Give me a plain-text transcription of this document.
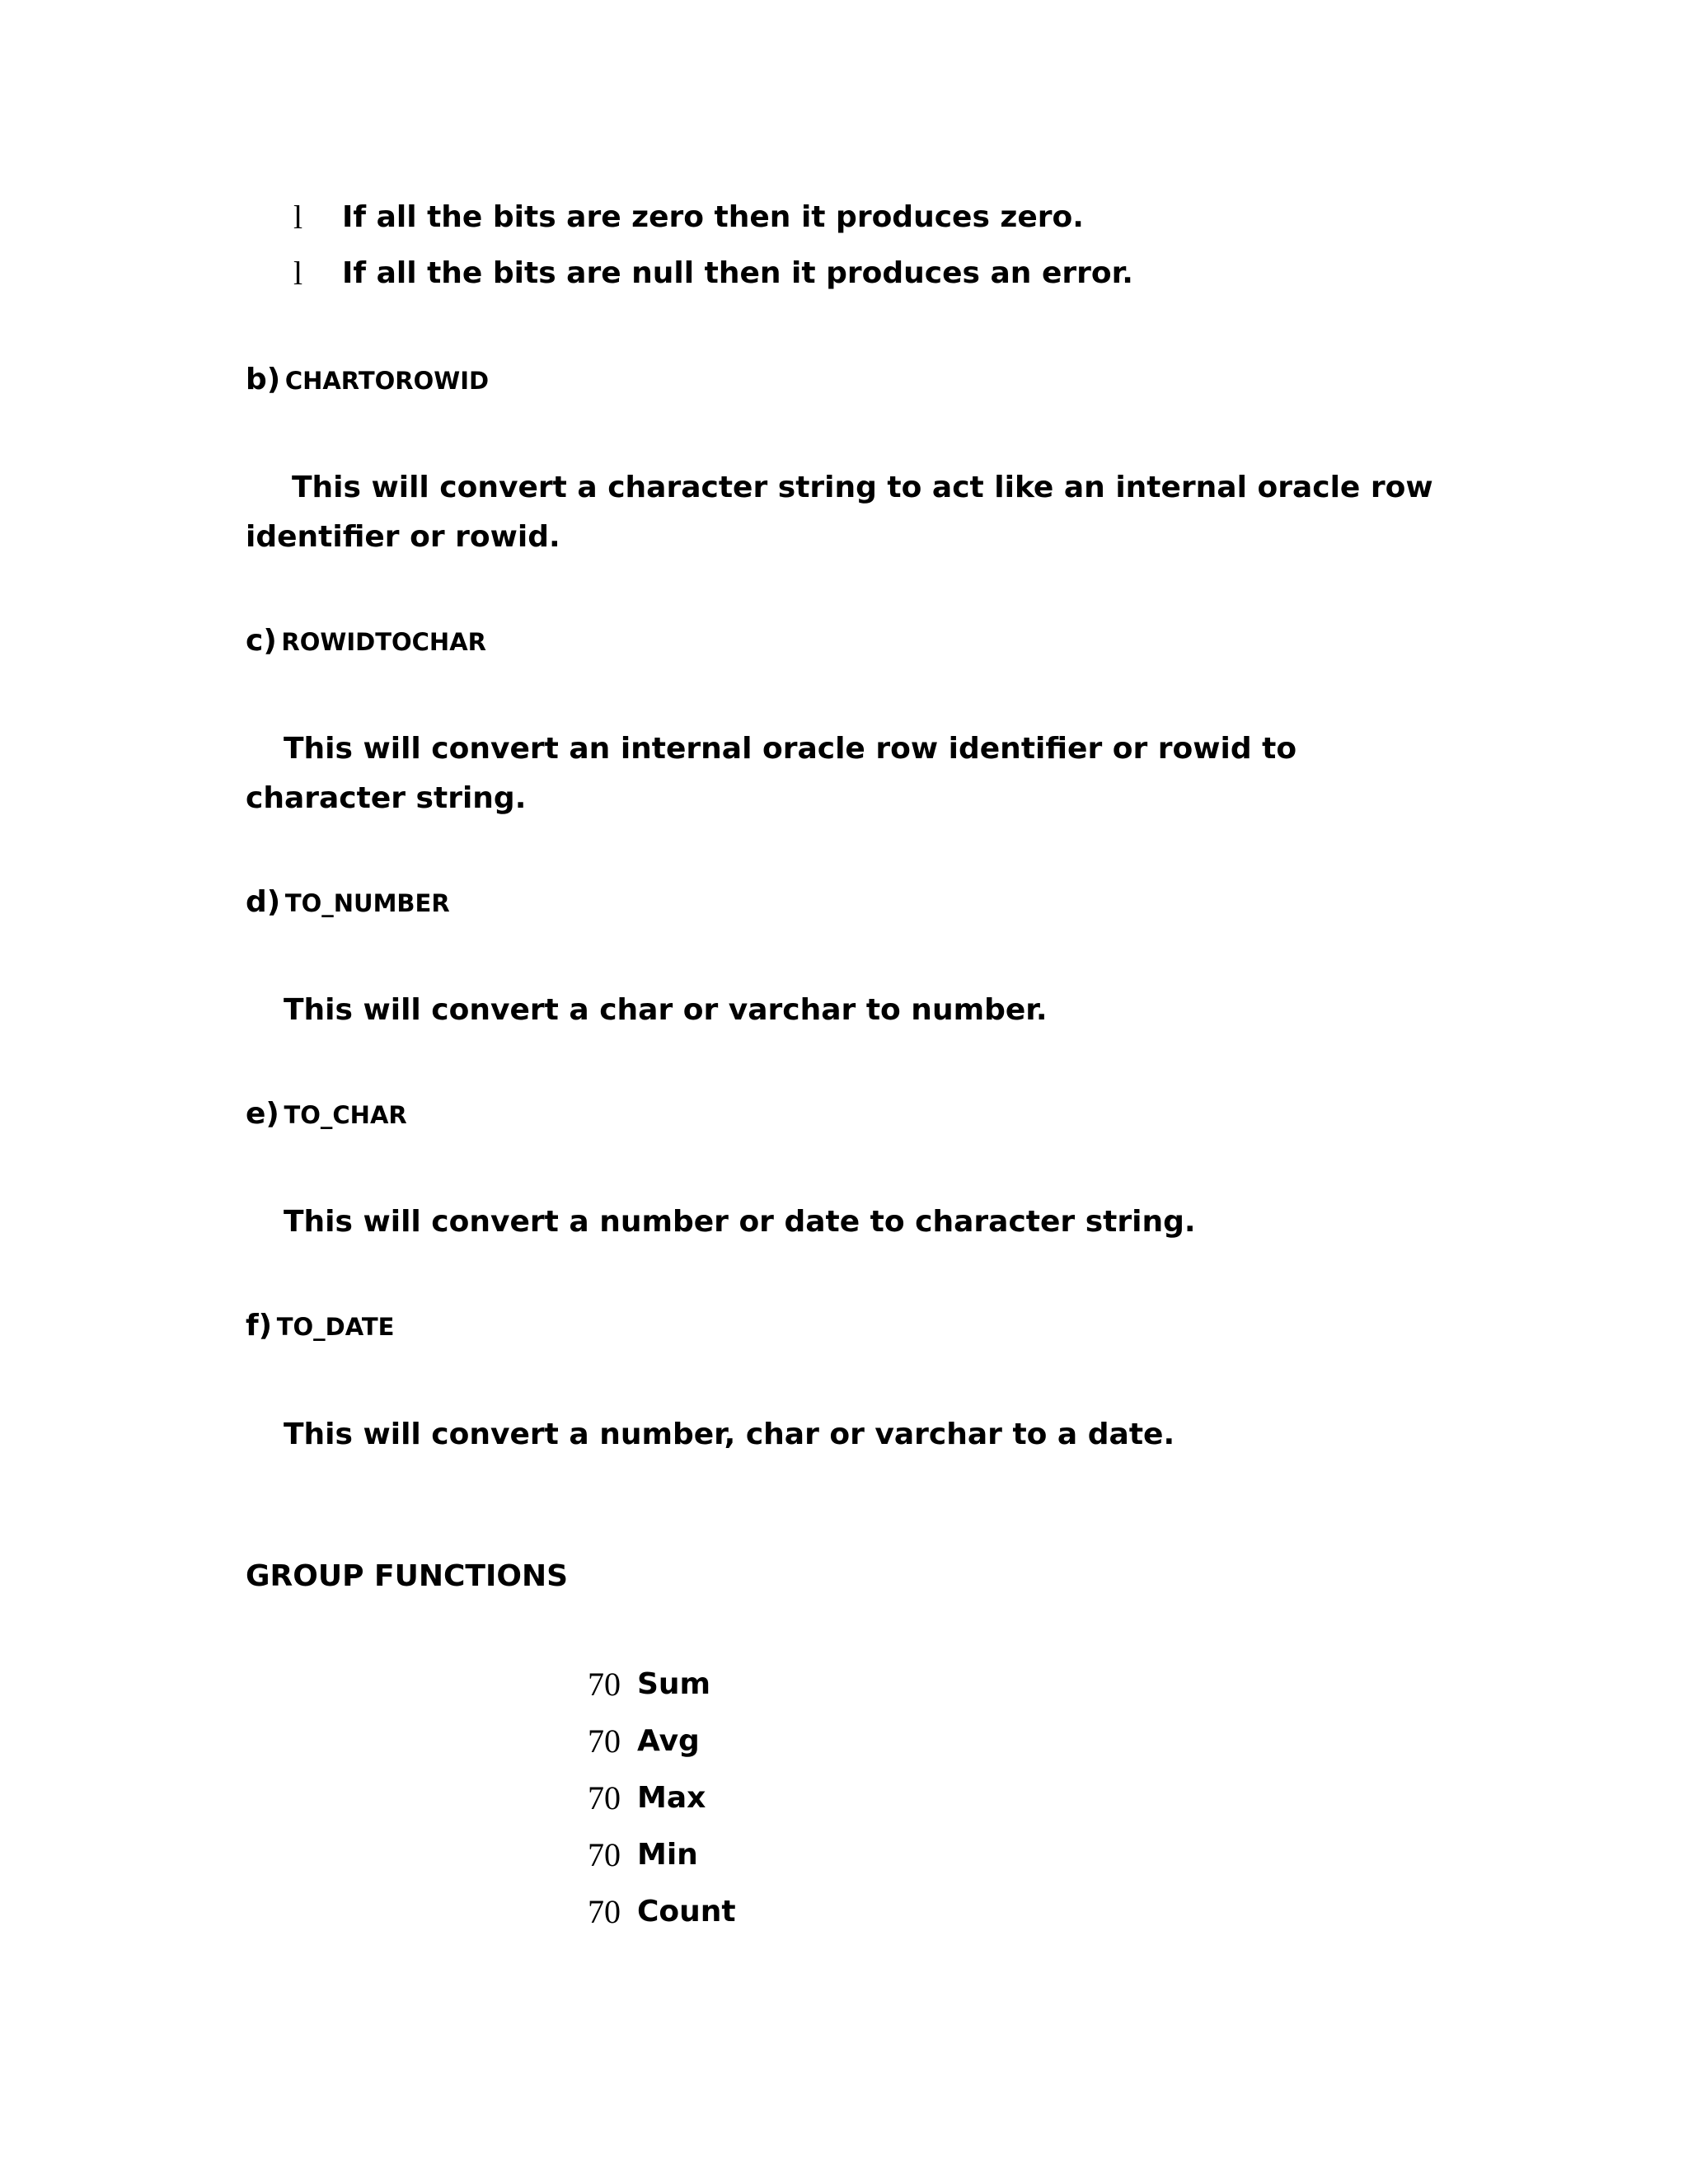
l If all the bits are zero then it produces zero.
l If all the bits are null then it produces an error.
b) CHARTOROWID
This will convert a character string to act like an internal oracle row identifier or rowid.
c) ROWIDTOCHAR
This will convert an internal oracle row identifier or rowid to character string.
d) TO_NUMBER
This will convert a char or varchar to number.
e) TO_CHAR
This will convert a number or date to character string.
f) TO_DATE
This will convert a number, char or varchar to a date.
GROUP FUNCTIONS
70 Sum
70 Avg
70 Max
70 Min
70 Count
